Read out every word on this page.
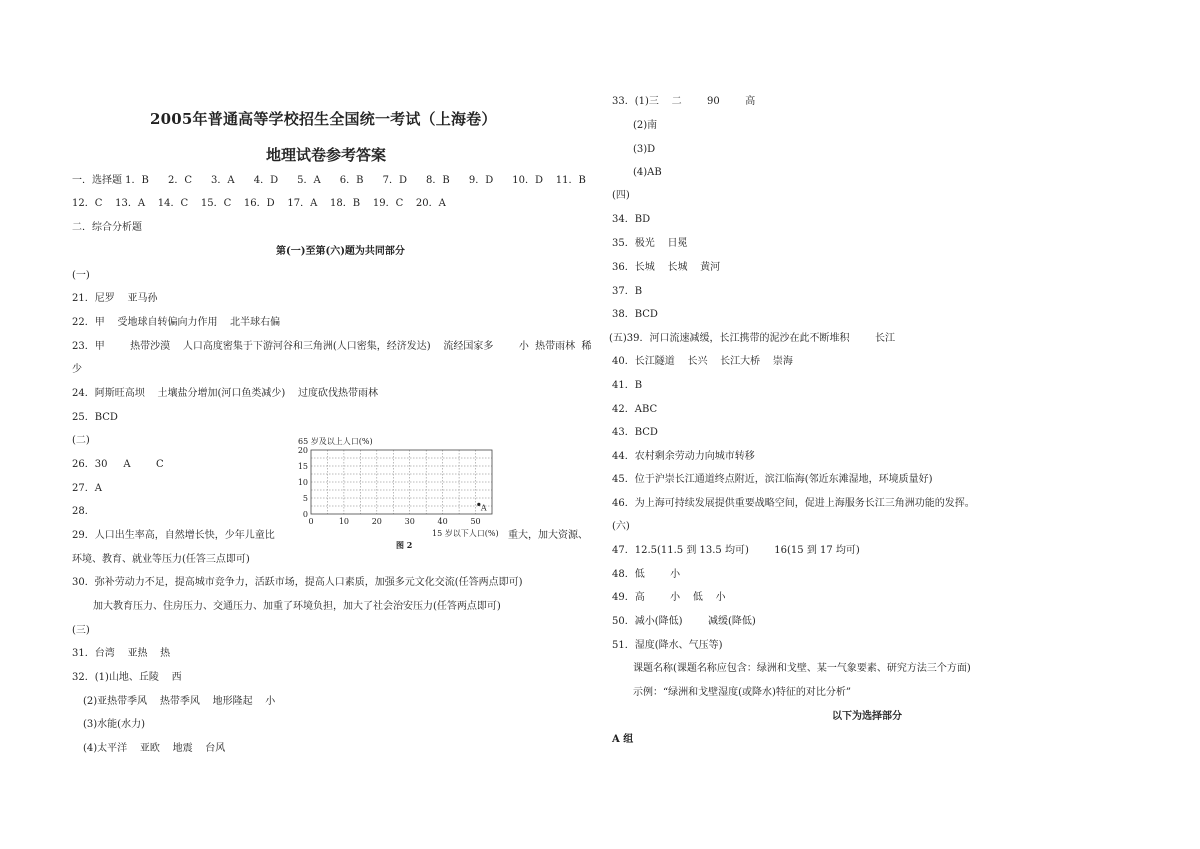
2005年普通高等学校招生全国统一考试（上海卷）
地理试卷参考答案
一．选择题 1．B      2．C      3．A      4．D      5．A      6．B      7．D      8．B      9．D      10．D    11．B
12．C    13．A    14．C    15．C    16．D    17．A    18．B    19．C    20．A
二．综合分析题
第(一)至第(六)题为共同部分
(一)
21．尼罗    亚马孙
22．甲    受地球自转偏向力作用    北半球右偏
23．甲        热带沙漠    人口高度密集于下游河谷和三角洲(人口密集，经济发达)    流经国家多        小  热带雨林  稀
少
24．阿斯旺高坝    土壤盐分增加(河口鱼类减少)    过度砍伐热带雨林
25．BCD
(二)
26．30     A        C
27．A
28．
29．人口出生率高，自然增长快，少年儿童比	重大，加大资源、
环境、教育、就业等压力(任答三点即可)
30．弥补劳动力不足，提高城市竞争力，活跃市场，提高人口素质，加强多元文化交流(任答两点即可)
加大教育压力、住房压力、交通压力、加重了环境负担，加大了社会治安压力(任答两点即可)
(三)
31．台湾    亚热    热
32．(1)山地、丘陵    西
(2)亚热带季风    热带季风    地形隆起    小
(3)水能(水力)
(4)太平洋    亚欧    地震    台风
65 岁及以上人口(%)
0
5
10
15
20
0	10	20	30	40	50
A
15 岁以下人口(%)
图 2
33．(1)三    二        90        高
(2)南
(3)D
(4)AB
(四)
34．BD
35．极光    日冕
36．长城    长城    黄河
37．B
38．BCD
(五)39．河口流速减缓，长江携带的泥沙在此不断堆积        长江
40．长江隧道    长兴    长江大桥    崇海
41．B
42．ABC
43．BCD
44．农村剩余劳动力向城市转移
45．位于沪崇长江通道终点附近，滨江临海(邻近东滩湿地，环境质量好)
46．为上海可持续发展提供重要战略空间，促进上海服务长江三角洲功能的发挥。
(六)
47．12.5(11.5 到 13.5 均可)        16(15 到 17 均可)
48．低        小
49．高        小    低    小
50．减小(降低)        减缓(降低)
51．湿度(降水、气压等)
课题名称(课题名称应包含：绿洲和戈壁、某一气象要素、研究方法三个方面)
示例：“绿洲和戈壁湿度(或降水)特征的对比分析”
以下为选择部分
A 组
